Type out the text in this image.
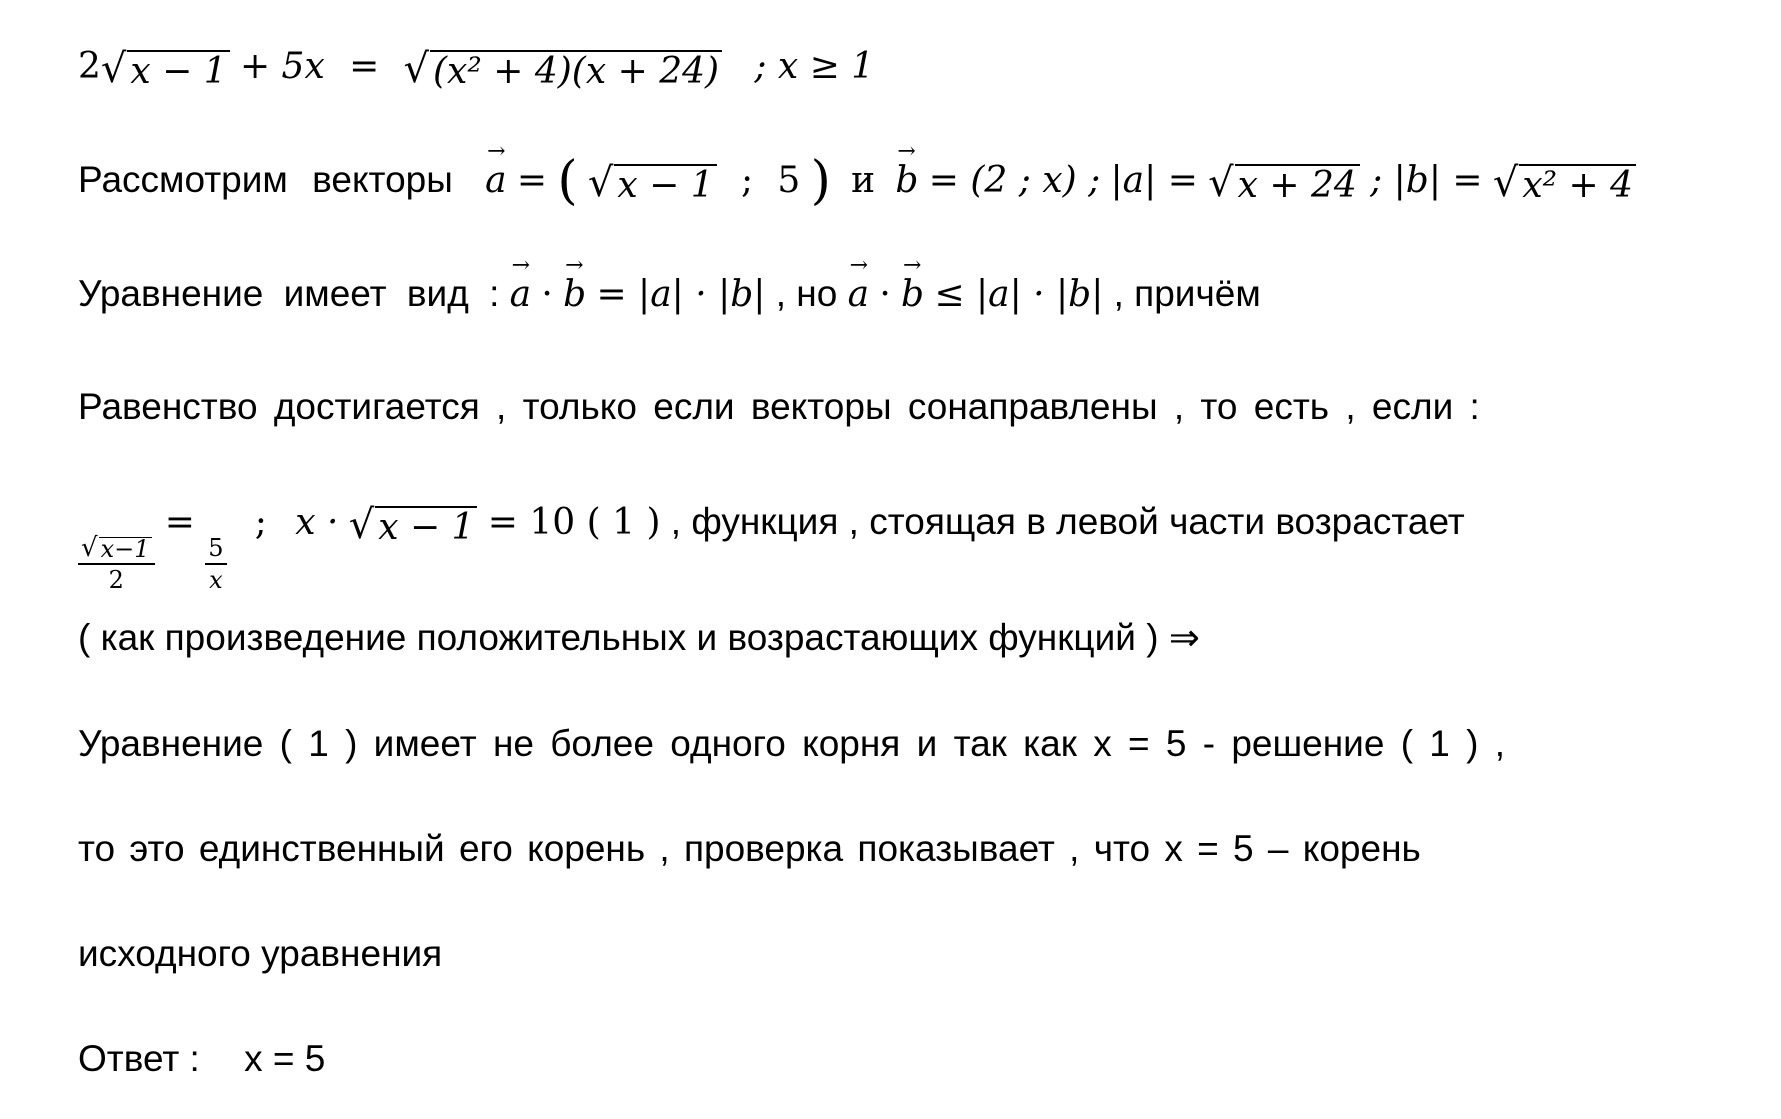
2 √ x − 1 + 5x = √ (x² + 4)(x + 24) ; x ≥ 1
Рассмотрим векторы → a = ( √ x − 1 ; 5 ) и → b = (2 ; x) ; |a| = √ x + 24 ; |b| = √ x² + 4
Уравнение имеет вид : → a · → b = |a| · |b| , но → a · → b ≤ |a| · |b| , причём
Равенство достигается , только если векторы сонаправлены , то есть , если :
$\frac{√ x-1}{2}$
=
$\frac{5}{x}$
; x · √ x − 1 = 10 ( 1 ) , функция , стоящая в левой части возрастает
( как произведение положительных и возрастающих функций ) ⇒
Уравнение ( 1 ) имеет не более одного корня и так как x = 5 - решение ( 1 ) ,
то это единственный его корень , проверка показывает , что x = 5 – корень
исходного уравнения
Ответ : x = 5
